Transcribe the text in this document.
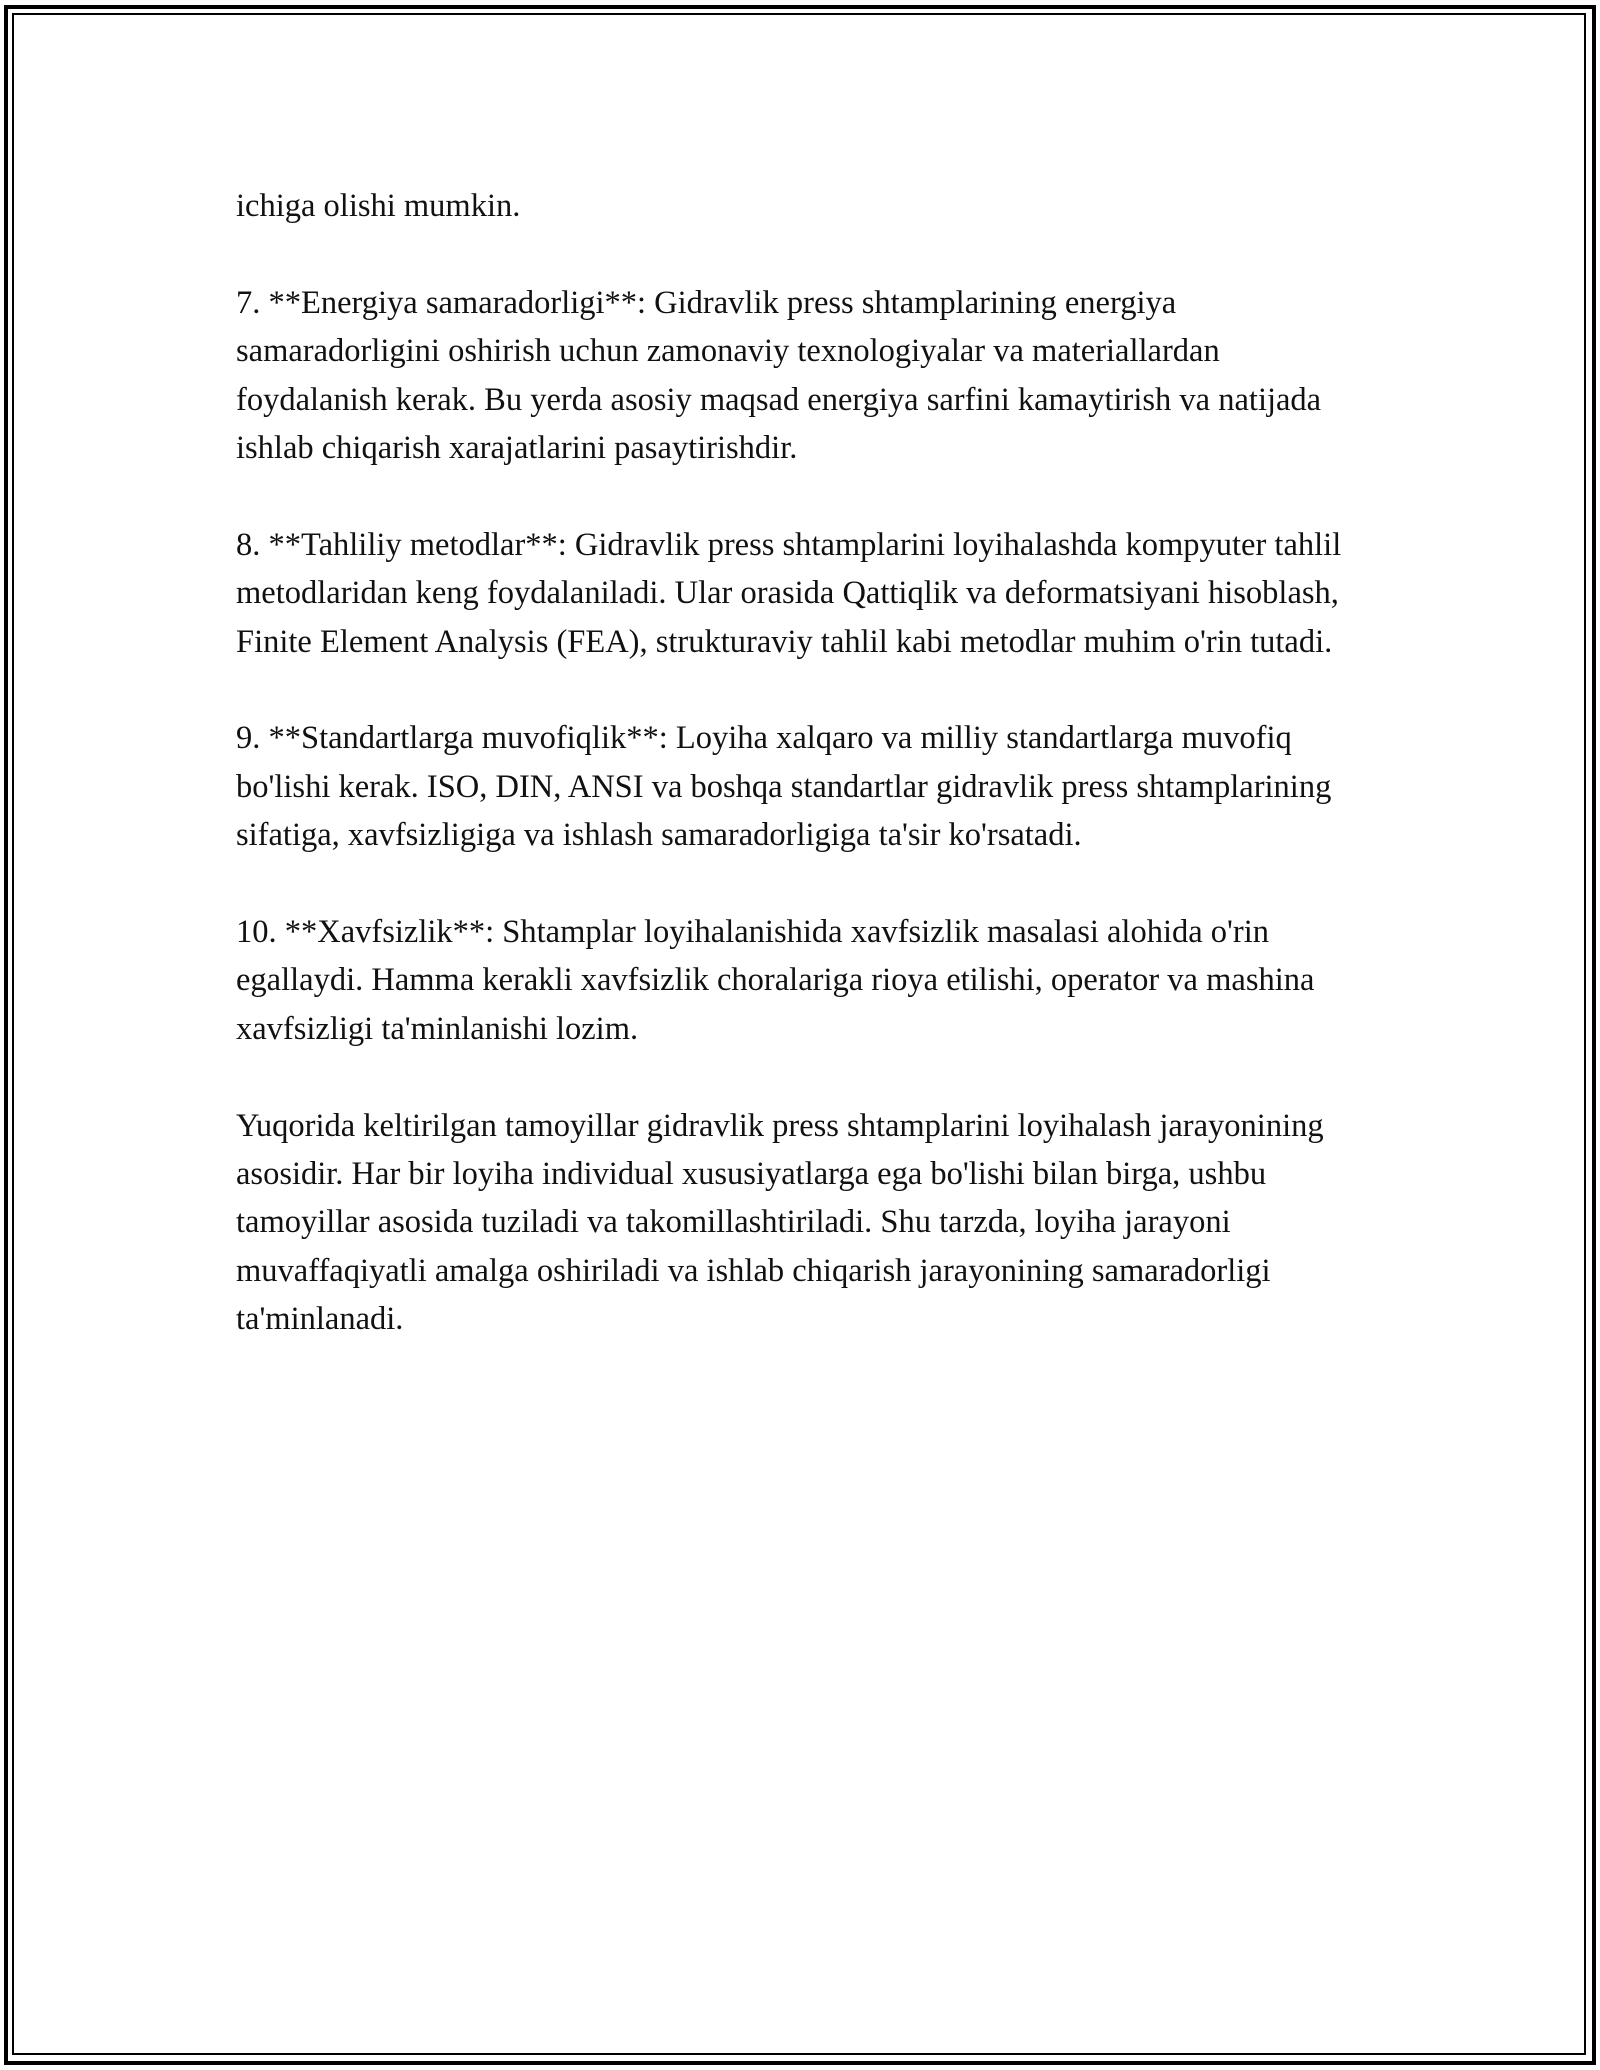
ichiga olishi mumkin.

7. **Energiya samaradorligi**: Gidravlik press shtamplarining energiya samaradorligini oshirish uchun zamonaviy texnologiyalar va materiallardan foydalanish kerak. Bu yerda asosiy maqsad energiya sarfini kamaytirish va natijada ishlab chiqarish xarajatlarini pasaytirishdir.

8. **Tahliliy metodlar**: Gidravlik press shtamplarini loyihalashda kompyuter tahlil metodlaridan keng foydalaniladi. Ular orasida Qattiqlik va deformatsiyani hisoblash, Finite Element Analysis (FEA), strukturaviy tahlil kabi metodlar muhim o'rin tutadi.

9. **Standartlarga muvofiqlik**: Loyiha xalqaro va milliy standartlarga muvofiq bo'lishi kerak. ISO, DIN, ANSI va boshqa standartlar gidravlik press shtamplarining sifatiga, xavfsizligiga va ishlash samaradorligiga ta'sir ko'rsatadi.

10. **Xavfsizlik**: Shtamplar loyihalanishida xavfsizlik masalasi alohida o'rin egallaydi. Hamma kerakli xavfsizlik choralariga rioya etilishi, operator va mashina xavfsizligi ta'minlanishi lozim.

Yuqorida keltirilgan tamoyillar gidravlik press shtamplarini loyihalash jarayonining asosidir. Har bir loyiha individual xususiyatlarga ega bo'lishi bilan birga, ushbu tamoyillar asosida tuziladi va takomillashtiriladi. Shu tarzda, loyiha jarayoni muvaffaqiyatli amalga oshiriladi va ishlab chiqarish jarayonining samaradorligi ta'minlanadi.
